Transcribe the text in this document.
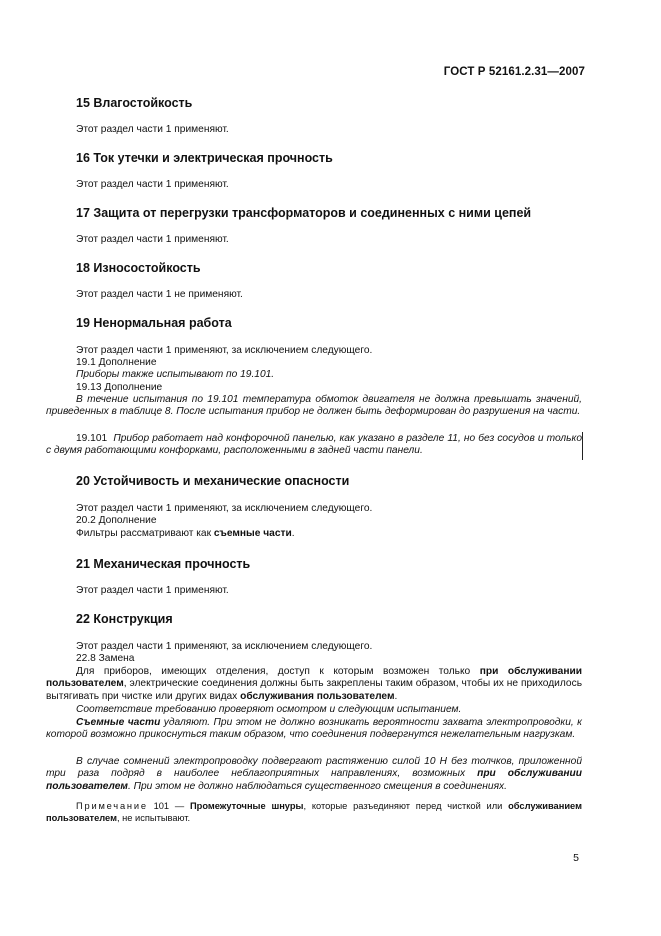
ГОСТ Р 52161.2.31—2007
15 Влагостойкость
Этот раздел части 1 применяют.
16 Ток утечки и электрическая прочность
Этот раздел части 1 применяют.
17 Защита от перегрузки трансформаторов и соединенных с ними цепей
Этот раздел части 1 применяют.
18 Износостойкость
Этот раздел части 1 не применяют.
19 Ненормальная работа
Этот раздел части 1 применяют, за исключением следующего.
19.1 Дополнение
Приборы также испытывают по 19.101.
19.13 Дополнение
В течение испытания по 19.101 температура обмоток двигателя не должна превышать значений, приведенных в таблице 8. После испытания прибор не должен быть деформирован до разрушения на части.
19.101 Прибор работает над конфорочной панелью, как указано в разделе 11, но без сосудов и только с двумя работающими конфорками, расположенными в задней части панели.
20 Устойчивость и механические опасности
Этот раздел части 1 применяют, за исключением следующего.
20.2 Дополнение
Фильтры рассматривают как съемные части.
21 Механическая прочность
Этот раздел части 1 применяют.
22 Конструкция
Этот раздел части 1 применяют, за исключением следующего.
22.8 Замена
Для приборов, имеющих отделения, доступ к которым возможен только при обслуживании пользователем, электрические соединения должны быть закреплены таким образом, чтобы их не приходилось вытягивать при чистке или других видах обслуживания пользователем.
Соответствие требованию проверяют осмотром и следующим испытанием.
Съемные части удаляют. При этом не должно возникать вероятности захвата электропроводки, к которой возможно прикоснуться таким образом, что соединения подвергнутся нежелательным нагрузкам.
В случае сомнений электропроводку подвергают растяжению силой 10 Н без толчков, приложенной три раза подряд в наиболее неблагоприятных направлениях, возможных при обслуживании пользователем. При этом не должно наблюдаться существенного смещения в соединениях.
Примечание 101 — Промежуточные шнуры, которые разъединяют перед чисткой или обслуживанием пользователем, не испытывают.
5
